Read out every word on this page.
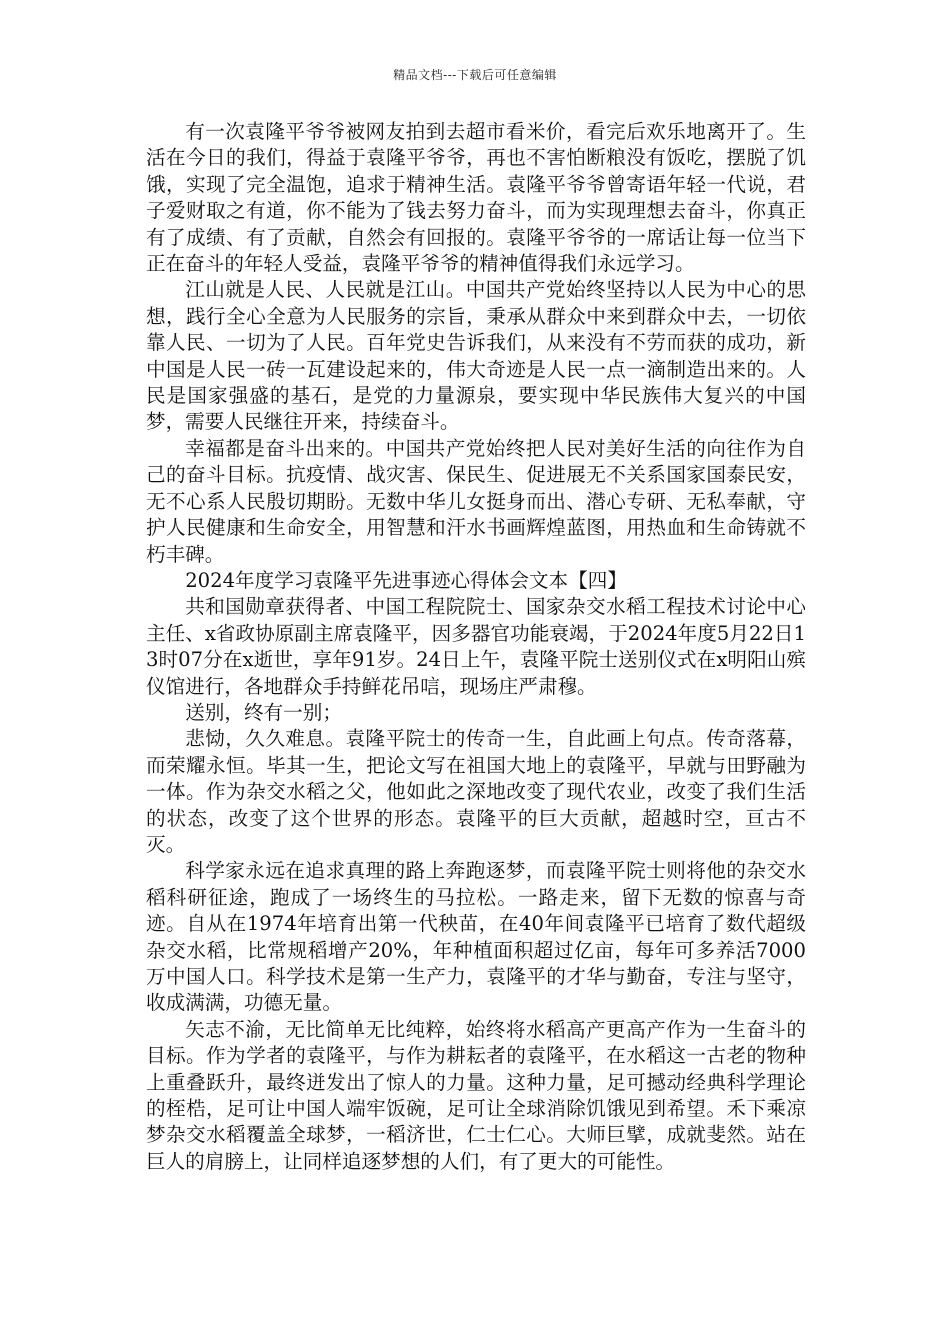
精品文档---下载后可任意编辑

有一次袁隆平爷爷被网友拍到去超市看米价，看完后欢乐地离开了。生活在今日的我们，得益于袁隆平爷爷，再也不害怕断粮没有饭吃，摆脱了饥饿，实现了完全温饱，追求于精神生活。袁隆平爷爷曾寄语年轻一代说，君子爱财取之有道，你不能为了钱去努力奋斗，而为实现理想去奋斗，你真正有了成绩、有了贡献，自然会有回报的。袁隆平爷爷的一席话让每一位当下正在奋斗的年轻人受益，袁隆平爷爷的精神值得我们永远学习。

江山就是人民、人民就是江山。中国共产党始终坚持以人民为中心的思想，践行全心全意为人民服务的宗旨，秉承从群众中来到群众中去，一切依靠人民、一切为了人民。百年党史告诉我们，从来没有不劳而获的成功，新中国是人民一砖一瓦建设起来的，伟大奇迹是人民一点一滴制造出来的。人民是国家强盛的基石，是党的力量源泉，要实现中华民族伟大复兴的中国梦，需要人民继往开来，持续奋斗。

幸福都是奋斗出来的。中国共产党始终把人民对美好生活的向往作为自己的奋斗目标。抗疫情、战灾害、保民生、促进展无不关系国家国泰民安，无不心系人民殷切期盼。无数中华儿女挺身而出、潜心专研、无私奉献，守护人民健康和生命安全，用智慧和汗水书画辉煌蓝图，用热血和生命铸就不朽丰碑。

2024年度学习袁隆平先进事迹心得体会文本【四】

共和国勋章获得者、中国工程院院士、国家杂交水稻工程技术讨论中心主任、x省政协原副主席袁隆平，因多器官功能衰竭，于2024年度5月22日13时07分在x逝世，享年91岁。24日上午，袁隆平院士送别仪式在x明阳山殡仪馆进行，各地群众手持鲜花吊唁，现场庄严肃穆。

送别，终有一别；

悲恸，久久难息。袁隆平院士的传奇一生，自此画上句点。传奇落幕，而荣耀永恒。毕其一生，把论文写在祖国大地上的袁隆平，早就与田野融为一体。作为杂交水稻之父，他如此之深地改变了现代农业，改变了我们生活的状态，改变了这个世界的形态。袁隆平的巨大贡献，超越时空，亘古不灭。

科学家永远在追求真理的路上奔跑逐梦，而袁隆平院士则将他的杂交水稻科研征途，跑成了一场终生的马拉松。一路走来，留下无数的惊喜与奇迹。自从在1974年培育出第一代秧苗，在40年间袁隆平已培育了数代超级杂交水稻，比常规稻增产20%，年种植面积超过亿亩，每年可多养活7000万中国人口。科学技术是第一生产力，袁隆平的才华与勤奋，专注与坚守，收成满满，功德无量。

矢志不渝，无比简单无比纯粹，始终将水稻高产更高产作为一生奋斗的目标。作为学者的袁隆平，与作为耕耘者的袁隆平，在水稻这一古老的物种上重叠跃升，最终迸发出了惊人的力量。这种力量，足可撼动经典科学理论的桎梏，足可让中国人端牢饭碗，足可让全球消除饥饿见到希望。禾下乘凉梦杂交水稻覆盖全球梦，一稻济世，仁士仁心。大师巨擘，成就斐然。站在巨人的肩膀上，让同样追逐梦想的人们，有了更大的可能性。
